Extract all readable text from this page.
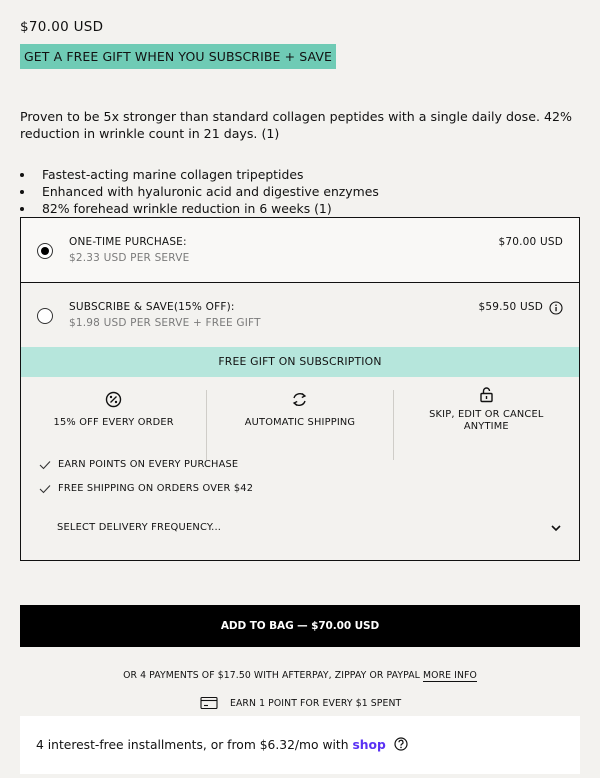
$70.00 USD
GET A FREE GIFT WHEN YOU SUBSCRIBE + SAVE
Proven to be 5x stronger than standard collagen peptides with a single daily dose. 42% reduction in wrinkle count in 21 days. (1)
Fastest-acting marine collagen tripeptides
Enhanced with hyaluronic acid and digestive enzymes
82% forehead wrinkle reduction in 6 weeks (1)
ONE-TIME PURCHASE:
$2.33 USD PER SERVE
$70.00 USD
SUBSCRIBE & SAVE(15% OFF):
$1.98 USD PER SERVE + FREE GIFT
$59.50 USD
FREE GIFT ON SUBSCRIPTION
15% OFF EVERY ORDER	AUTOMATIC SHIPPING
SKIP, EDIT OR CANCEL ANYTIME
EARN POINTS ON EVERY PURCHASE
FREE SHIPPING ON ORDERS OVER $42
SELECT DELIVERY FREQUENCY...
ADD TO BAG — $70.00 USD
OR 4 PAYMENTS OF $17.50 WITH AFTERPAY, ZIPPAY OR PAYPAL MORE INFO
EARN 1 POINT FOR EVERY $1 SPENT
4 interest-free installments, or from $6.32/mo with shop
